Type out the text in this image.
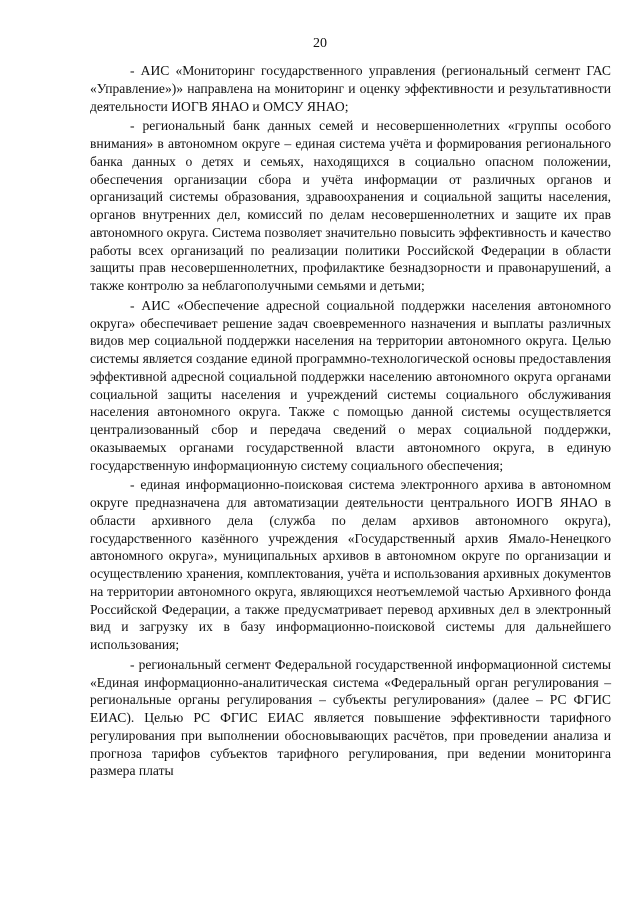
20

- АИС «Мониторинг государственного управления (региональный сегмент ГАС «Управление»)» направлена на мониторинг и оценку эффективности и результативности деятельности ИОГВ ЯНАО и ОМСУ ЯНАО;

- региональный банк данных семей и несовершеннолетних «группы особого внимания» в автономном округе – единая система учёта и формирования регионального банка данных о детях и семьях, находящихся в социально опасном положении, обеспечения организации сбора и учёта информации от различных органов и организаций системы образования, здравоохранения и социальной защиты населения, органов внутренних дел, комиссий по делам несовершеннолетних и защите их прав автономного округа. Система позволяет значительно повысить эффективность и качество работы всех организаций по реализации политики Российской Федерации в области защиты прав несовершеннолетних, профилактике безнадзорности и правонарушений, а также контролю за неблагополучными семьями и детьми;

- АИС «Обеспечение адресной социальной поддержки населения автономного округа» обеспечивает решение задач своевременного назначения и выплаты различных видов мер социальной поддержки населения на территории автономного округа. Целью системы является создание единой программно-технологической основы предоставления эффективной адресной социальной поддержки населению автономного округа органами социальной защиты населения и учреждений системы социального обслуживания населения автономного округа. Также с помощью данной системы осуществляется централизованный сбор и передача сведений о мерах социальной поддержки, оказываемых органами государственной власти автономного округа, в единую государственную информационную систему социального обеспечения;

- единая информационно-поисковая система электронного архива в автономном округе предназначена для автоматизации деятельности центрального ИОГВ ЯНАО в области архивного дела (служба по делам архивов автономного округа), государственного казённого учреждения «Государственный архив Ямало-Ненецкого автономного округа», муниципальных архивов в автономном округе по организации и осуществлению хранения, комплектования, учёта и использования архивных документов на территории автономного округа, являющихся неотъемлемой частью Архивного фонда Российской Федерации, а также предусматривает перевод архивных дел в электронный вид и загрузку их в базу информационно-поисковой системы для дальнейшего использования;

- региональный сегмент Федеральной государственной информационной системы «Единая информационно-аналитическая система «Федеральный орган регулирования – региональные органы регулирования – субъекты регулирования» (далее – РС ФГИС ЕИАС). Целью РС ФГИС ЕИАС является повышение эффективности тарифного регулирования при выполнении обосновывающих расчётов, при проведении анализа и прогноза тарифов субъектов тарифного регулирования, при ведении мониторинга размера платы
